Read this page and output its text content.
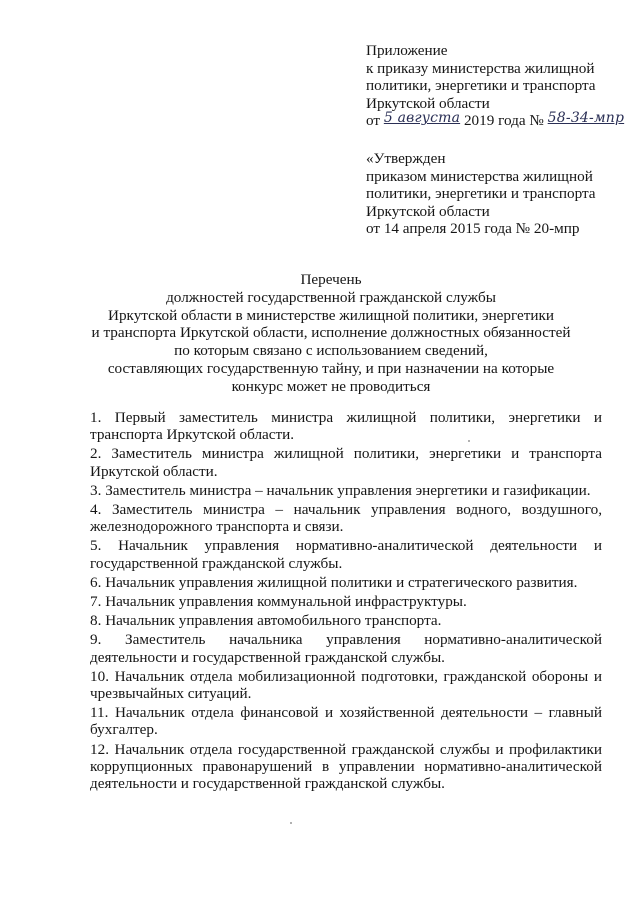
Приложение
к приказу министерства жилищной
политики, энергетики и транспорта
Иркутской области
от 5 августа 2019 года № 58-34-мпр
«Утвержден
приказом министерства жилищной
политики, энергетики и транспорта
Иркутской области
от 14 апреля 2015 года № 20-мпр
Перечень
должностей государственной гражданской службы
Иркутской области в министерстве жилищной политики, энергетики
и транспорта Иркутской области, исполнение должностных обязанностей
по которым связано с использованием сведений,
составляющих государственную тайну, и при назначении на которые
конкурс может не проводиться
1. Первый заместитель министра жилищной политики, энергетики и транспорта Иркутской области.
2. Заместитель министра жилищной политики, энергетики и транспорта Иркутской области.
3. Заместитель министра – начальник управления энергетики и газификации.
4. Заместитель министра – начальник управления водного, воздушного, железнодорожного транспорта и связи.
5. Начальник управления нормативно-аналитической деятельности и государственной гражданской службы.
6. Начальник управления жилищной политики и стратегического развития.
7. Начальник управления коммунальной инфраструктуры.
8. Начальник управления автомобильного транспорта.
9. Заместитель начальника управления нормативно-аналитической деятельности и государственной гражданской службы.
10. Начальник отдела мобилизационной подготовки, гражданской обороны и чрезвычайных ситуаций.
11. Начальник отдела финансовой и хозяйственной деятельности – главный бухгалтер.
12. Начальник отдела государственной гражданской службы и профилактики коррупционных правонарушений в управлении нормативно-аналитической деятельности и государственной гражданской службы.
